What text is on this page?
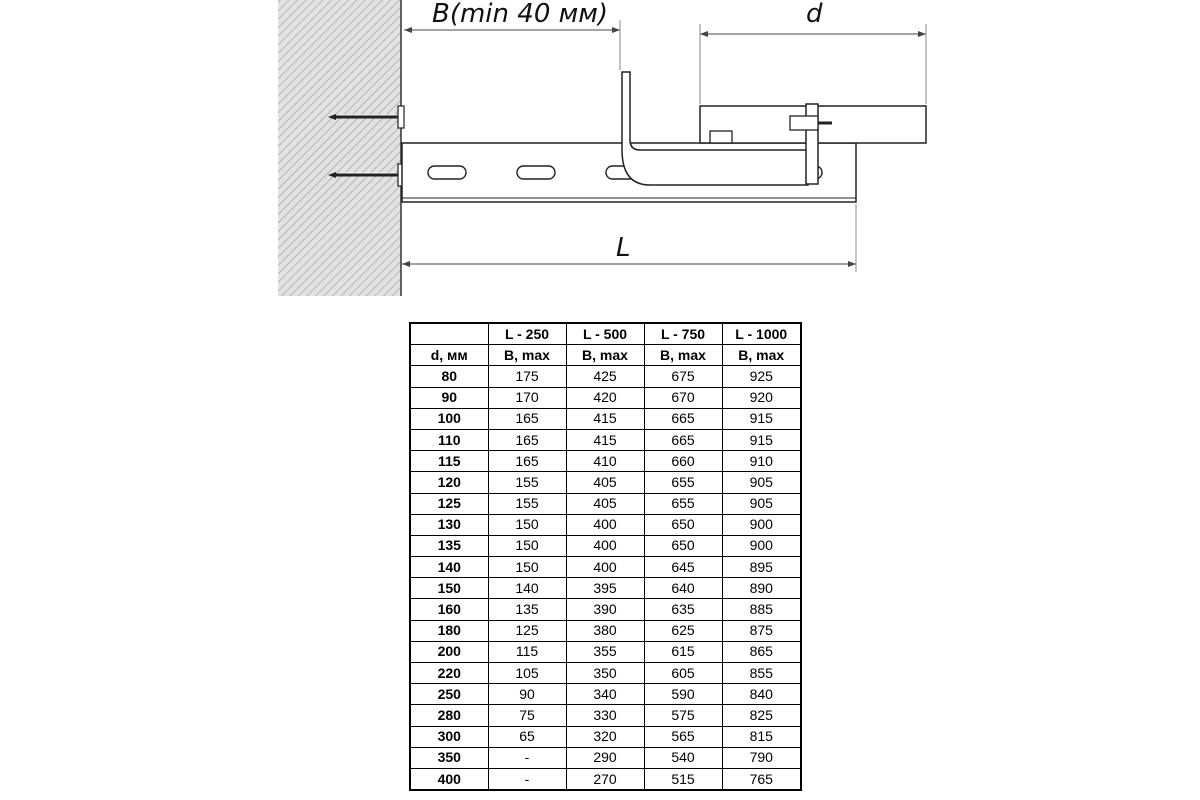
B(min 40 мм)	d
L
	L - 250	L - 500	L - 750	L - 1000
d, мм	B, max	B, max	B, max	B, max
80	175	425	675	925
90	170	420	670	920
100	165	415	665	915
110	165	415	665	915
115	165	410	660	910
120	155	405	655	905
125	155	405	655	905
130	150	400	650	900
135	150	400	650	900
140	150	400	645	895
150	140	395	640	890
160	135	390	635	885
180	125	380	625	875
200	115	355	615	865
220	105	350	605	855
250	90	340	590	840
280	75	330	575	825
300	65	320	565	815
350	-	290	540	790
400	-	270	515	765
